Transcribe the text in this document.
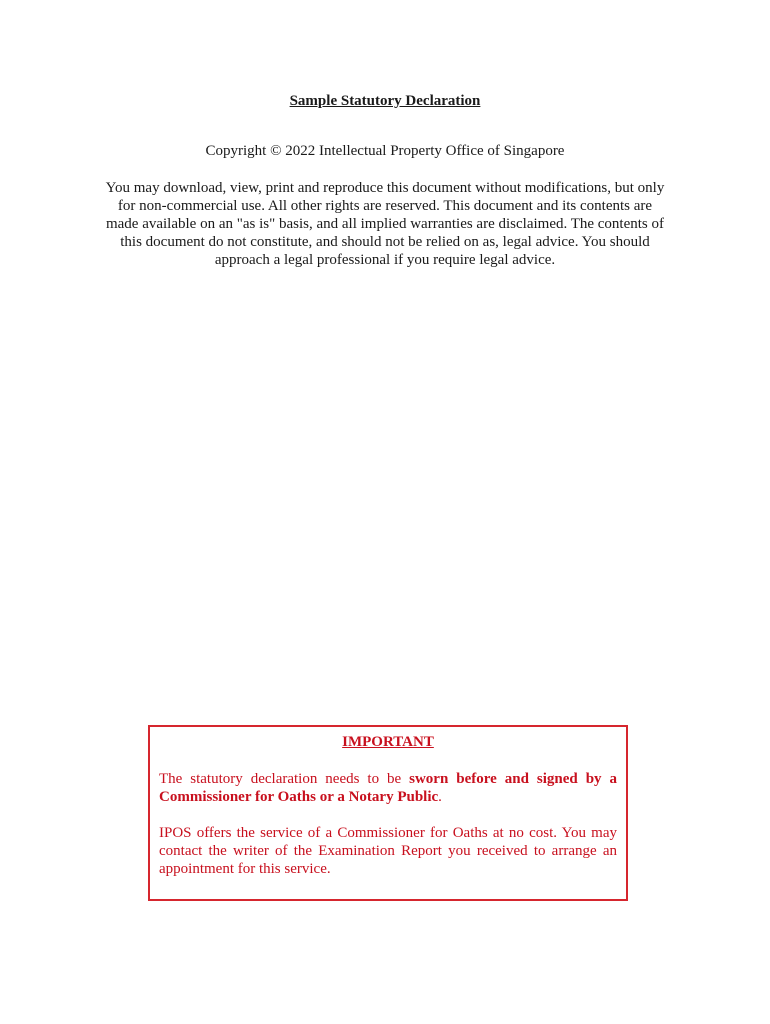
Sample Statutory Declaration
Copyright © 2022 Intellectual Property Office of Singapore
You may download, view, print and reproduce this document without modifications, but only for non-commercial use. All other rights are reserved. This document and its contents are made available on an "as is" basis, and all implied warranties are disclaimed. The contents of this document do not constitute, and should not be relied on as, legal advice. You should approach a legal professional if you require legal advice.
IMPORTANT
The statutory declaration needs to be sworn before and signed by a Commissioner for Oaths or a Notary Public.
IPOS offers the service of a Commissioner for Oaths at no cost. You may contact the writer of the Examination Report you received to arrange an appointment for this service.
